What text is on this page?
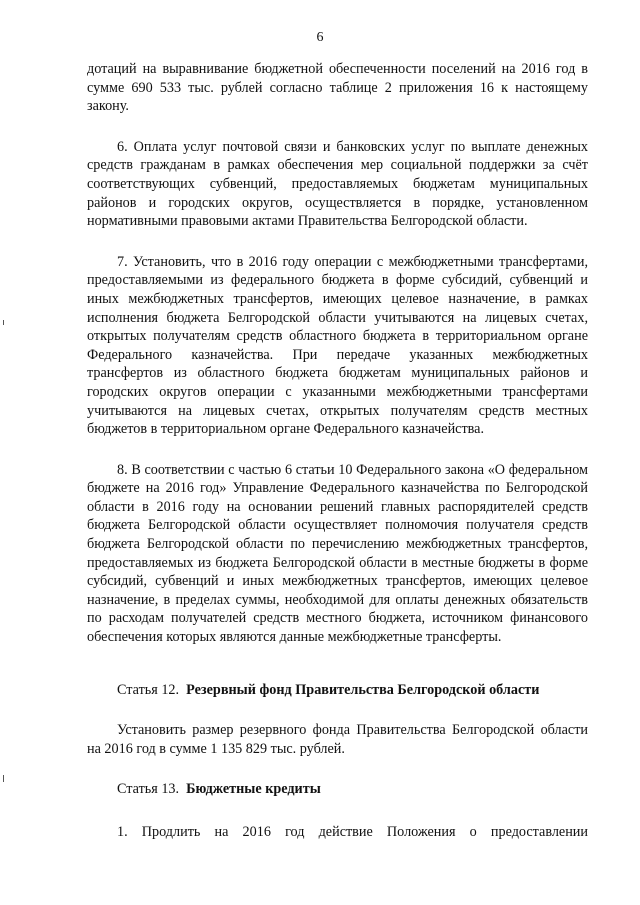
6

дотаций на выравнивание бюджетной обеспеченности поселений на 2016 год в сумме 690 533 тыс. рублей согласно таблице 2 приложения 16 к настоящему закону.

6. Оплата услуг почтовой связи и банковских услуг по выплате денежных средств гражданам в рамках обеспечения мер социальной поддержки за счёт соответствующих субвенций, предоставляемых бюджетам муниципальных районов и городских округов, осуществляется в порядке, установленном нормативными правовыми актами Правительства Белгородской области.

7. Установить, что в 2016 году операции с межбюджетными трансфертами, предоставляемыми из федерального бюджета в форме субсидий, субвенций и иных межбюджетных трансфертов, имеющих целевое назначение, в рамках исполнения бюджета Белгородской области учитываются на лицевых счетах, открытых получателям средств областного бюджета в территориальном органе Федерального казначейства. При передаче указанных межбюджетных трансфертов из областного бюджета бюджетам муниципальных районов и городских округов операции с указанными межбюджетными трансфертами учитываются на лицевых счетах, открытых получателям средств местных бюджетов в территориальном органе Федерального казначейства.

8. В соответствии с частью 6 статьи 10 Федерального закона «О федеральном бюджете на 2016 год» Управление Федерального казначейства по Белгородской области в 2016 году на основании решений главных распорядителей средств бюджета Белгородской области осуществляет полномочия получателя средств бюджета Белгородской области по перечислению межбюджетных трансфертов, предоставляемых из бюджета Белгородской области в местные бюджеты в форме субсидий, субвенций и иных межбюджетных трансфертов, имеющих целевое назначение, в пределах суммы, необходимой для оплаты денежных обязательств по расходам получателей средств местного бюджета, источником финансового обеспечения которых являются данные межбюджетные трансферты.

Статья 12. Резервный фонд Правительства Белгородской области

Установить размер резервного фонда Правительства Белгородской области на 2016 год в сумме 1 135 829 тыс. рублей.

Статья 13. Бюджетные кредиты

1. Продлить на 2016 год действие Положения о предоставлении
